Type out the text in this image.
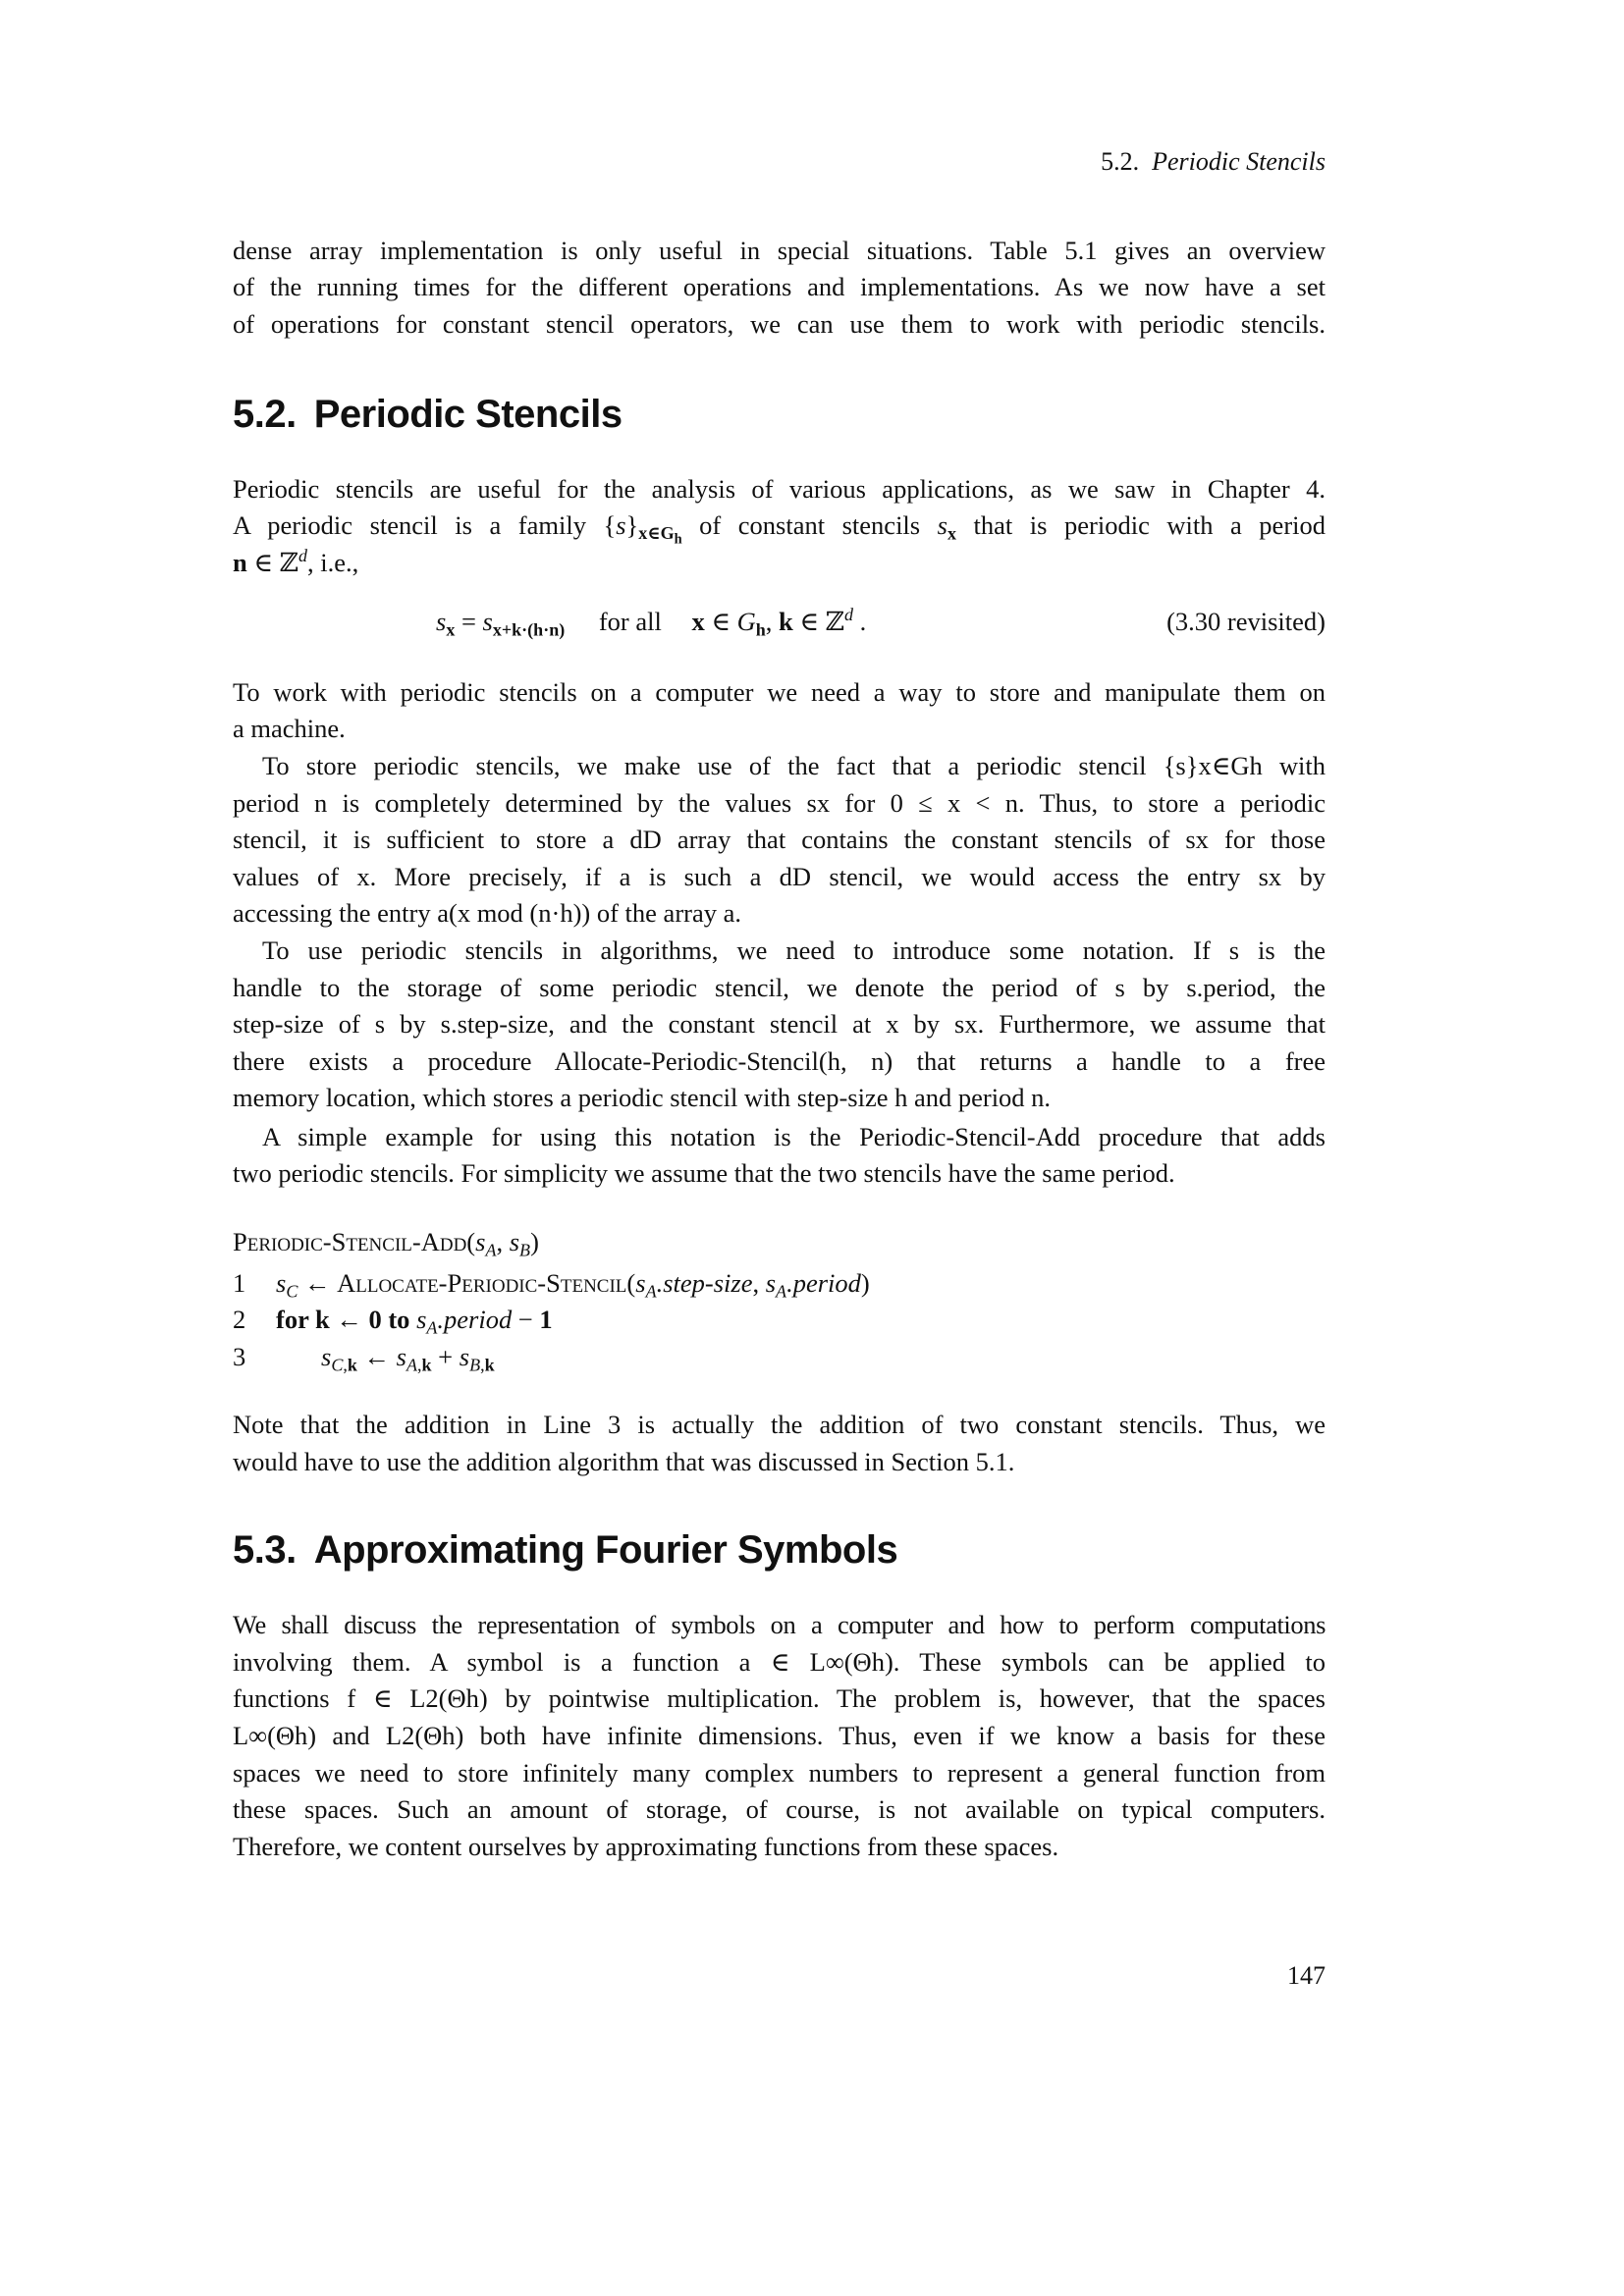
5.2. Periodic Stencils
dense array implementation is only useful in special situations. Table 5.1 gives an overview
of the running times for the different operations and implementations. As we now have a set
of operations for constant stencil operators, we can use them to work with periodic stencils.
5.2. Periodic Stencils
Periodic stencils are useful for the analysis of various applications, as we saw in Chapter 4.
A periodic stencil is a family $\{s\}_{x\in G_h}$ of constant stencils $s_x$ that is periodic with a period
n ∈ ℤ$^d$, i.e.,
$s_x = s_{x+k\cdot(h\cdot n)}$ for all x ∈ $G_h$, k ∈ ℤ$^d$ .	(3.30 revisited)
To work with periodic stencils on a computer we need a way to store and manipulate them on
a machine.
To store periodic stencils, we make use of the fact that a periodic stencil {s}x∈Gh with
period n is completely determined by the values sx for 0 ≤ x < n. Thus, to store a periodic
stencil, it is sufficient to store a dD array that contains the constant stencils of sx for those
values of x. More precisely, if a is such a dD stencil, we would access the entry sx by
accessing the entry a(x mod (n·h)) of the array a.
To use periodic stencils in algorithms, we need to introduce some notation. If s is the
handle to the storage of some periodic stencil, we denote the period of s by s.period, the
step-size of s by s.step-size, and the constant stencil at x by sx. Furthermore, we assume that
there exists a procedure Allocate-Periodic-Stencil(h, n) that returns a handle to a free
memory location, which stores a periodic stencil with step-size h and period n.
A simple example for using this notation is the Periodic-Stencil-Add procedure that adds
two periodic stencils. For simplicity we assume that the two stencils have the same period.
Periodic-$Stencil-Add(s_A$, $s_B$)
1 $s_C$ ← Allocate-$Periodic-Stencil(s_A.step$-size, $s_A.period$)
2 for k ← 0 to $s_A.period - 1$
3	$s_{C,k}$ ← $s_{A,k} + s_{B,k}$
Note that the addition in Line 3 is actually the addition of two constant stencils. Thus, we
would have to use the addition algorithm that was discussed in Section 5.1.
5.3. Approximating Fourier Symbols
We shall discuss the representation of symbols on a computer and how to perform computations
involving them. A symbol is a function a ∈ L∞(Θh). These symbols can be applied to
functions f ∈ L2(Θh) by pointwise multiplication. The problem is, however, that the spaces
L∞(Θh) and L2(Θh) both have infinite dimensions. Thus, even if we know a basis for these
spaces we need to store infinitely many complex numbers to represent a general function from
these spaces. Such an amount of storage, of course, is not available on typical computers.
Therefore, we content ourselves by approximating functions from these spaces.
147
